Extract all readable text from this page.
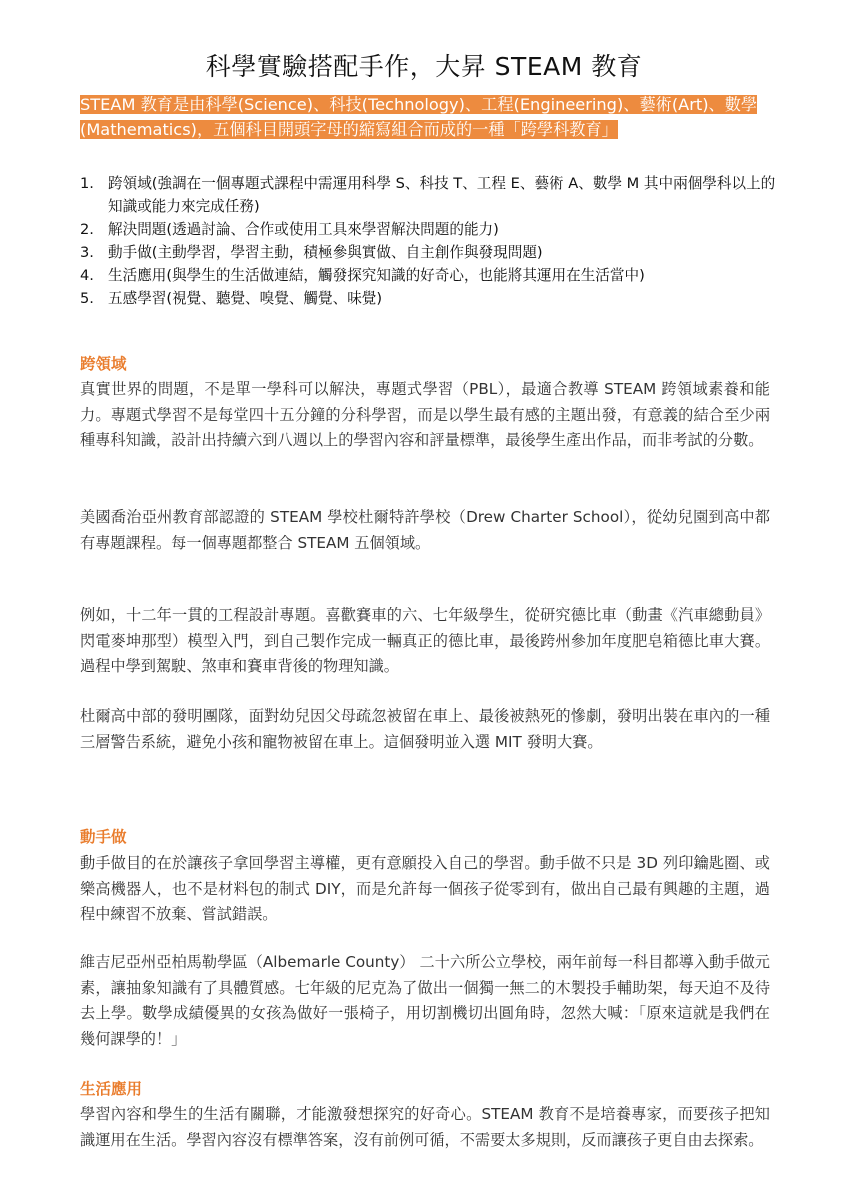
科學實驗搭配手作，大昇 STEAM 教育
STEAM 教育是由科學(Science)、科技(Technology)、工程(Engineering)、藝術(Art)、數學(Mathematics)，五個科目開頭字母的縮寫組合而成的一種「跨學科教育」
1. 跨領域(強調在一個專題式課程中需運用科學 S、科技 T、工程 E、藝術 A、數學 M 其中兩個學科以上的知識或能力來完成任務)
2. 解決問題(透過討論、合作或使用工具來學習解決問題的能力)
3. 動手做(主動學習，學習主動，積極參與實做、自主創作與發現問題)
4. 生活應用(與學生的生活做連結，觸發探究知識的好奇心，也能將其運用在生活當中)
5. 五感學習(視覺、聽覺、嗅覺、觸覺、味覺)
跨領域
真實世界的問題，不是單一學科可以解決，專題式學習（PBL），最適合教導 STEAM 跨領域素養和能力。專題式學習不是每堂四十五分鐘的分科學習，而是以學生最有感的主題出發，有意義的結合至少兩種專科知識，設計出持續六到八週以上的學習內容和評量標準，最後學生產出作品，而非考試的分數。
美國喬治亞州教育部認證的 STEAM 學校杜爾特許學校（Drew Charter School），從幼兒園到高中都有專題課程。每一個專題都整合 STEAM 五個領域。
例如，十二年一貫的工程設計專題。喜歡賽車的六、七年級學生，從研究德比車（動畫《汽車總動員》閃電麥坤那型）模型入門，到自己製作完成一輛真正的德比車，最後跨州參加年度肥皂箱德比車大賽。過程中學到駕駛、煞車和賽車背後的物理知識。
杜爾高中部的發明團隊，面對幼兒因父母疏忽被留在車上、最後被熱死的慘劇，發明出裝在車內的一種三層警告系統，避免小孩和寵物被留在車上。這個發明並入選 MIT 發明大賽。
動手做
動手做目的在於讓孩子拿回學習主導權，更有意願投入自己的學習。動手做不只是 3D 列印鑰匙圈、或樂高機器人，也不是材料包的制式 DIY，而是允許每一個孩子從零到有，做出自己最有興趣的主題，過程中練習不放棄、嘗試錯誤。
維吉尼亞州亞柏馬勒學區（Albemarle County） 二十六所公立學校，兩年前每一科目都導入動手做元素，讓抽象知識有了具體質感。七年級的尼克為了做出一個獨一無二的木製投手輔助架，每天迫不及待去上學。數學成績優異的女孩為做好一張椅子，用切割機切出圓角時，忽然大喊：「原來這就是我們在幾何課學的！」
生活應用
學習內容和學生的生活有關聯，才能激發想探究的好奇心。STEAM 教育不是培養專家，而要孩子把知識運用在生活。學習內容沒有標準答案，沒有前例可循，不需要太多規則，反而讓孩子更自由去探索。
